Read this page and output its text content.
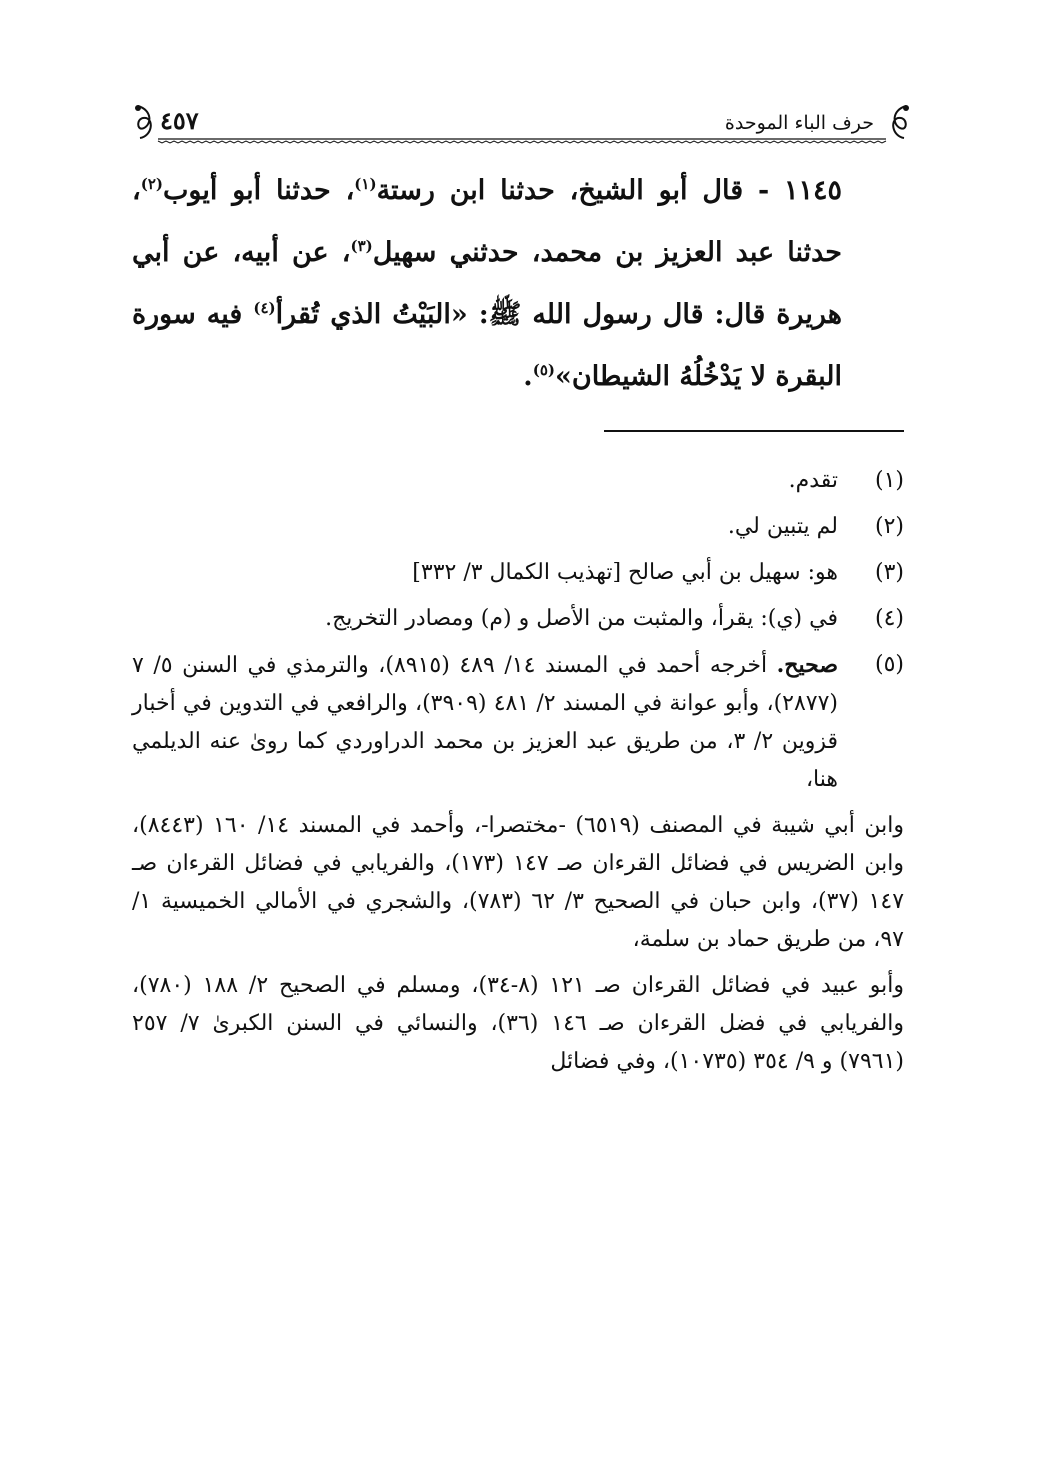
حرف الباء الموحدة
٤٥٧

١١٤٥ - قال أبو الشيخ، حدثنا ابن رستة$^{(١)}$، حدثنا أبو أيوب$^{(٢)}$، حدثنا عبد العزيز بن محمد، حدثني سهيل$^{(٣)}$، عن أبيه، عن أبي هريرة قال: قال رسول الله ﷺ: «البَيْتُ الذي تُقرأ$^{(٤)}$ فيه سورة البقرة لا يَدْخُلُهُ الشيطان»$^{(٥)}$.

(١)
تقدم.
(٢)
لم يتبين لي.
(٣)
هو: سهيل بن أبي صالح [تهذيب الكمال ٣/ ٣٣٢]
(٤)
في (ي): يقرأ، والمثبت من الأصل و (م) ومصادر التخريج.
(٥)
صحيح. أخرجه أحمد في المسند ١٤/ ٤٨٩ (٨٩١٥)، والترمذي في السنن ٥/ ٧ (٢٨٧٧)، وأبو عوانة في المسند ٢/ ٤٨١ (٣٩٠٩)، والرافعي في التدوين في أخبار قزوين ٢/ ٣، من طريق عبد العزيز بن محمد الدراوردي كما روىٰ عنه الديلمي هنا،

وابن أبي شيبة في المصنف (٦٥١٩) -مختصرا-، وأحمد في المسند ١٤/ ١٦٠ (٨٤٤٣)، وابن الضريس في فضائل القرءان صـ ١٤٧ (١٧٣)، والفريابي في فضائل القرءان صـ ١٤٧ (٣٧)، وابن حبان في الصحيح ٣/ ٦٢ (٧٨٣)، والشجري في الأمالي الخميسية ١/ ٩٧، من طريق حماد بن سلمة،

وأبو عبيد في فضائل القرءان صـ ١٢١ (٨-٣٤)، ومسلم في الصحيح ٢/ ١٨٨ (٧٨٠)، والفريابي في فضل القرءان صـ ١٤٦ (٣٦)، والنسائي في السنن الكبرىٰ ٧/ ٢٥٧ (٧٩٦١) و ٩/ ٣٥٤ (١٠٧٣٥)، وفي فضائل
